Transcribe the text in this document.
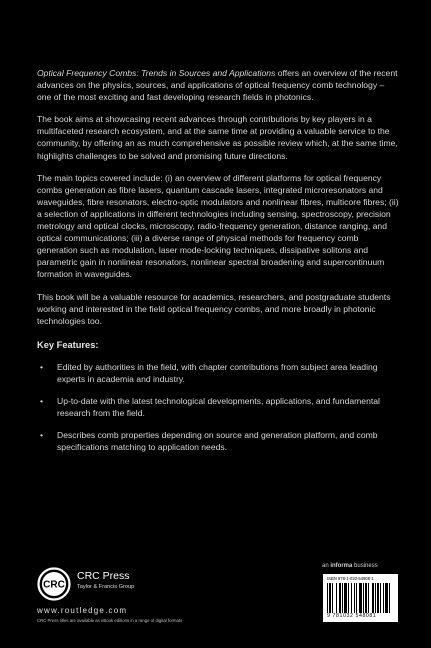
Optical Frequency Combs: Trends in Sources and Applications offers an overview of the recent advances on the physics, sources, and applications of optical frequency comb technology – one of the most exciting and fast developing research fields in photonics.

The book aims at showcasing recent advances through contributions by key players in a multifaceted research ecosystem, and at the same time at providing a valuable service to the community, by offering an as much comprehensive as possible review which, at the same time, highlights challenges to be solved and promising future directions.

The main topics covered include: (i) an overview of different platforms for optical frequency combs generation as fibre lasers, quantum cascade lasers, integrated microresonators and waveguides, fibre resonators, electro-optic modulators and nonlinear fibres, multicore fibres; (ii) a selection of applications in different technologies including sensing, spectroscopy, precision metrology and optical clocks, microscopy, radio-frequency generation, distance ranging, and optical communications; (iii) a diverse range of physical methods for frequency comb generation such as modulation, laser mode-locking techniques, dissipative solitons and parametric gain in nonlinear resonators, nonlinear spectral broadening and supercontinuum formation in waveguides.

This book will be a valuable resource for academics, researchers, and postgraduate students working and interested in the field optical frequency combs, and more broadly in photonic technologies too.

Key Features:
• Edited by authorities in the field, with chapter contributions from subject area leading experts in academia and industry.
• Up-to-date with the latest technological developments, applications, and fundamental research from the field.
• Describes comb properties depending on source and generation platform, and comb specifications matching to application needs.
an informa business
CRC
CRC Press
Taylor & Francis Group
www.routledge.com
CRC Press titles are available as eBook editions in a range of digital formats
ISBN 978-1-032-54808-1
9 781032 548081
